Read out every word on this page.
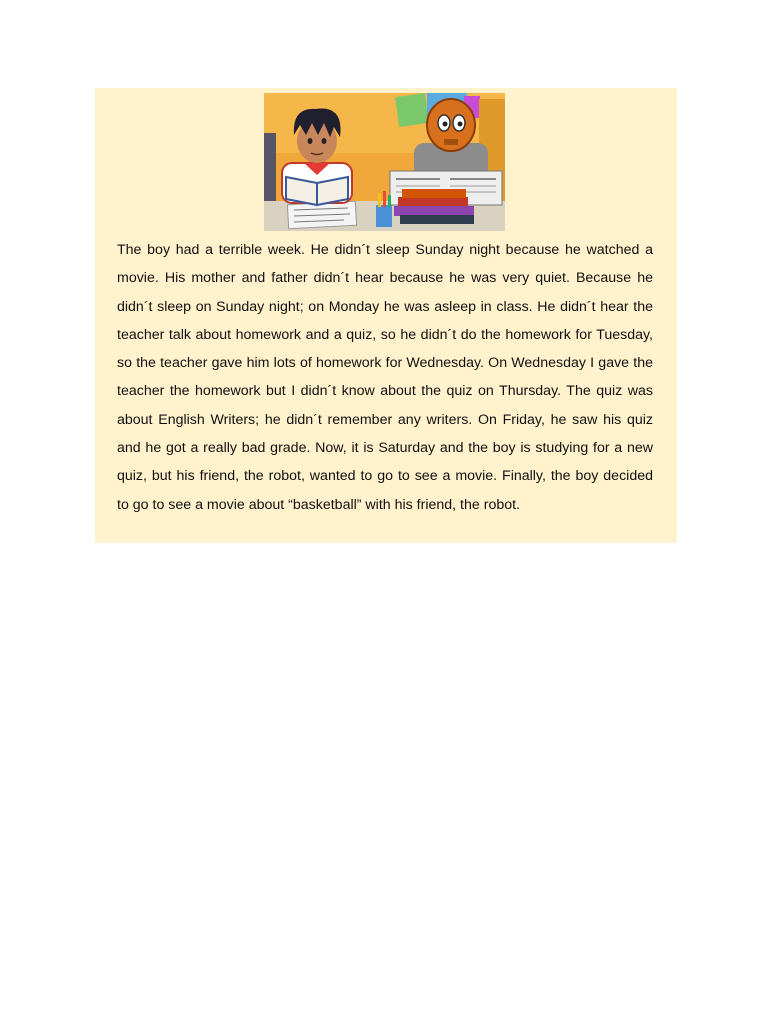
The boy had a terrible week. He didn´t sleep Sunday night because he watched a movie. His mother and father didn´t hear because he was very quiet. Because he didn´t sleep on Sunday night; on Monday he was asleep in class. He didn´t hear the teacher talk about homework and a quiz, so he didn´t do the homework for Tuesday, so the teacher gave him lots of homework for Wednesday. On Wednesday I gave the teacher the homework but I didn´t know about the quiz on Thursday. The quiz was about English Writers; he didn´t remember any writers. On Friday, he saw his quiz and he got a really bad grade. Now, it is Saturday and the boy is studying for a new quiz, but his friend, the robot, wanted to go to see a movie. Finally, the boy decided to go to see a movie about “basketball” with his friend, the robot.
